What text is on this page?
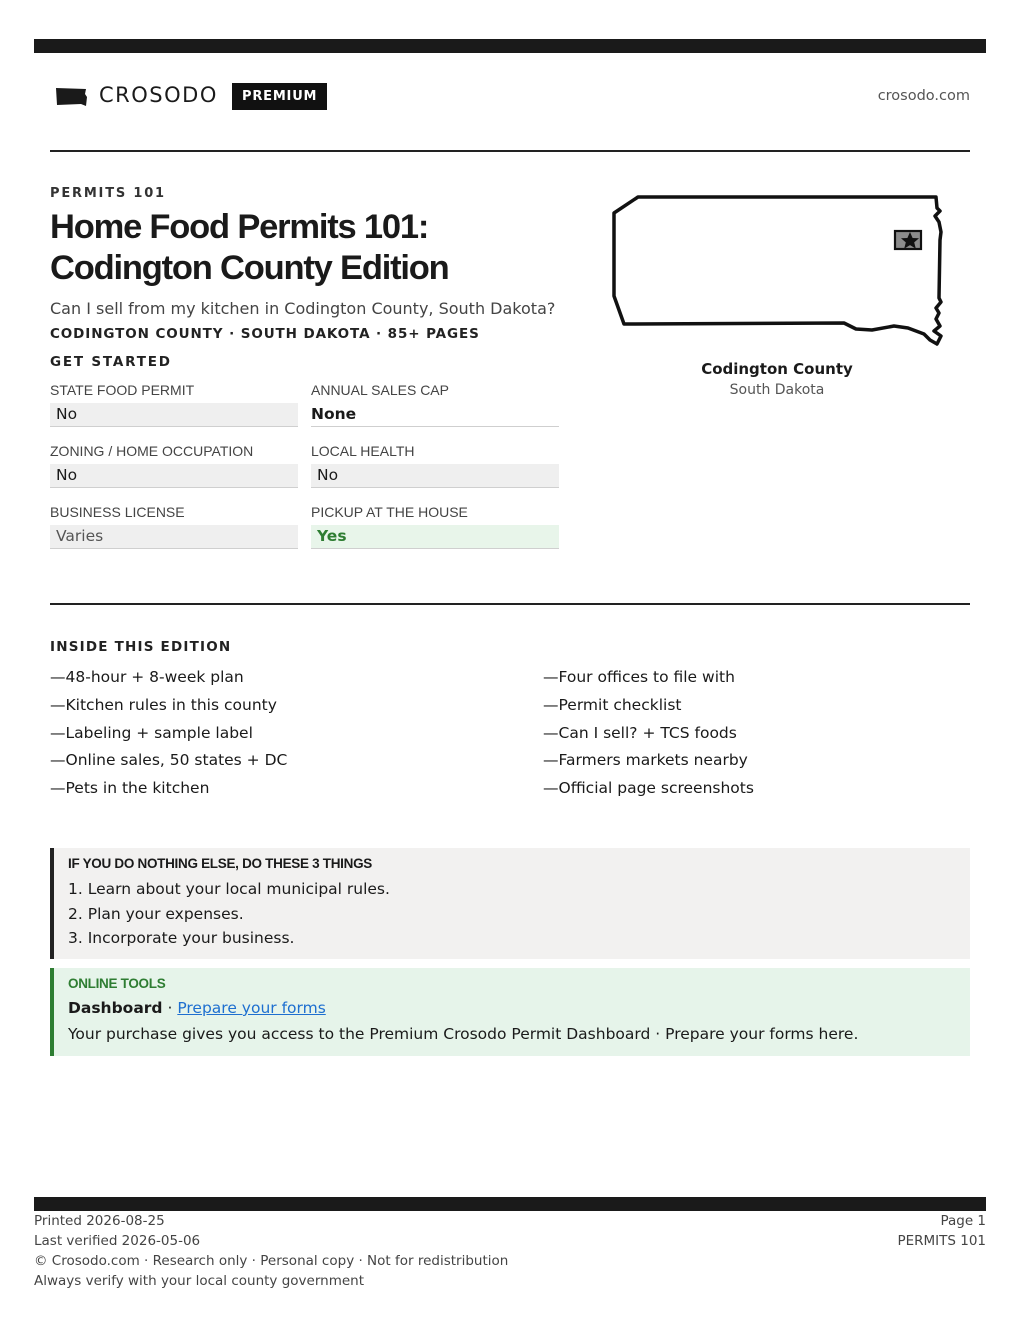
CROSODO	PREMIUM	crosodo.com
PERMITS 101
Home Food Permits 101:
Codington County Edition
Can I sell from my kitchen in Codington County, South Dakota?
CODINGTON COUNTY · SOUTH DAKOTA · 85+ PAGES
GET STARTED
STATE FOOD PERMIT
No
ANNUAL SALES CAP
None
ZONING / HOME OCCUPATION
No
LOCAL HEALTH
No
BUSINESS LICENSE
Varies
PICKUP AT THE HOUSE
Yes
Codington County
South Dakota
INSIDE THIS EDITION
—48-hour + 8-week plan
—Kitchen rules in this county
—Labeling + sample label
—Online sales, 50 states + DC
—Pets in the kitchen
—Four offices to file with
—Permit checklist
—Can I sell? + TCS foods
—Farmers markets nearby
—Official page screenshots
IF YOU DO NOTHING ELSE, DO THESE 3 THINGS
1. Learn about your local municipal rules.
2. Plan your expenses.
3. Incorporate your business.
ONLINE TOOLS
Dashboard · Prepare your forms
Your purchase gives you access to the Premium Crosodo Permit Dashboard · Prepare your forms here.
Printed 2026-08-25
Last verified 2026-05-06
© Crosodo.com · Research only · Personal copy · Not for redistribution
Always verify with your local county government
Page 1
PERMITS 101
